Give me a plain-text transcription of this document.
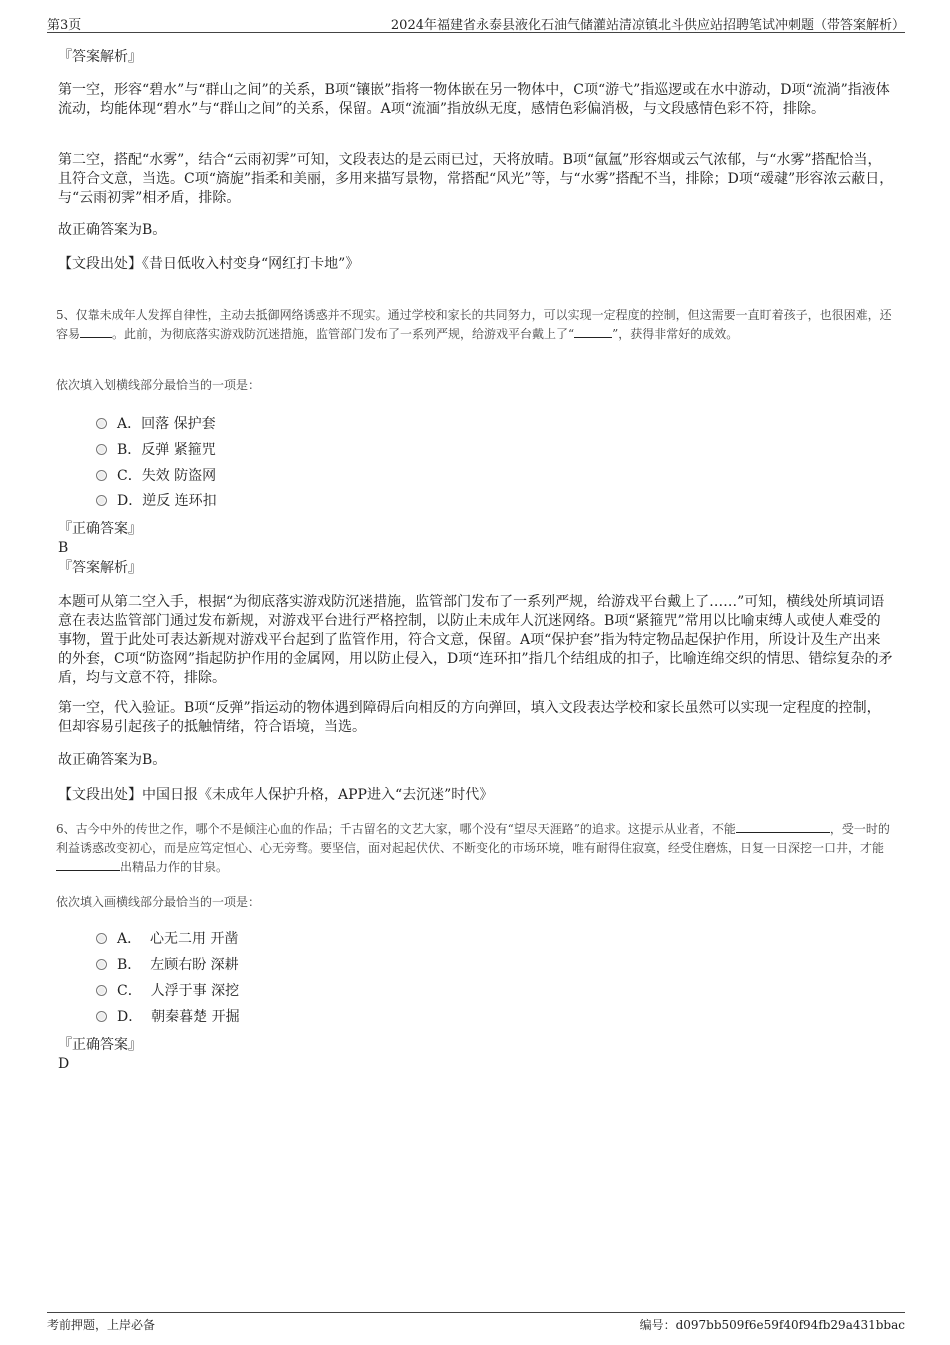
第3页	2024年福建省永泰县液化石油气储灌站清凉镇北斗供应站招聘笔试冲刺题（带答案解析）
『答案解析』
第一空，形容“碧水”与“群山之间”的关系，B项“镶嵌”指将一物体嵌在另一物体中，C项“游弋”指巡逻或在水中游动，D项“流淌”指液体流动，均能体现“碧水”与“群山之间”的关系，保留。A项“流湎”指放纵无度，感情色彩偏消极，与文段感情色彩不符，排除。
第二空，搭配“水雾”，结合“云雨初霁”可知，文段表达的是云雨已过，天将放晴。B项“氤氲”形容烟或云气浓郁，与“水雾”搭配恰当，且符合文意，当选。C项“旖旎”指柔和美丽，多用来描写景物，常搭配“风光”等，与“水雾”搭配不当，排除；D项“叆叇”形容浓云蔽日，与“云雨初霁”相矛盾，排除。
故正确答案为B。
【文段出处】《昔日低收入村变身“网红打卡地”》
5、仅靠未成年人发挥自律性，主动去抵御网络诱惑并不现实。通过学校和家长的共同努力，可以实现一定程度的控制，但这需要一直盯着孩子，也很困难，还容易	。此前，为彻底落实游戏防沉迷措施，监管部门发布了一系列严规，给游戏平台戴上了“	”，获得非常好的成效。
依次填入划横线部分最恰当的一项是：
A．回落 保护套
B．反弹 紧箍咒
C．失效 防盗网
D．逆反 连环扣
『正确答案』
B
『答案解析』
本题可从第二空入手，根据“为彻底落实游戏防沉迷措施，监管部门发布了一系列严规，给游戏平台戴上了……”可知，横线处所填词语意在表达监管部门通过发布新规，对游戏平台进行严格控制，以防止未成年人沉迷网络。B项“紧箍咒”常用以比喻束缚人或使人难受的事物，置于此处可表达新规对游戏平台起到了监管作用，符合文意，保留。A项“保护套”指为特定物品起保护作用，所设计及生产出来的外套，C项“防盗网”指起防护作用的金属网，用以防止侵入，D项“连环扣”指几个结组成的扣子，比喻连绵交织的情思、错综复杂的矛盾，均与文意不符，排除。
第一空，代入验证。B项“反弹”指运动的物体遇到障碍后向相反的方向弹回，填入文段表达学校和家长虽然可以实现一定程度的控制，但却容易引起孩子的抵触情绪，符合语境，当选。
故正确答案为B。
【文段出处】中国日报《未成年人保护升格，APP进入“去沉迷”时代》
6、古今中外的传世之作，哪个不是倾注心血的作品；千古留名的文艺大家，哪个没有“望尽天涯路”的追求。这提示从业者，不能	，受一时的利益诱惑改变初心，而是应笃定恒心、心无旁骛。要坚信，面对起起伏伏、不断变化的市场环境，唯有耐得住寂寞，经受住磨炼，日复一日深挖一口井，才能出精品力作的甘泉。
依次填入画横线部分最恰当的一项是：
A． 心无二用 开凿
B． 左顾右盼 深耕
C． 人浮于事 深挖
D． 朝秦暮楚 开掘
『正确答案』
D
考前押题，上岸必备	编号：d097bb509f6e59f40f94fb29a431bbac
